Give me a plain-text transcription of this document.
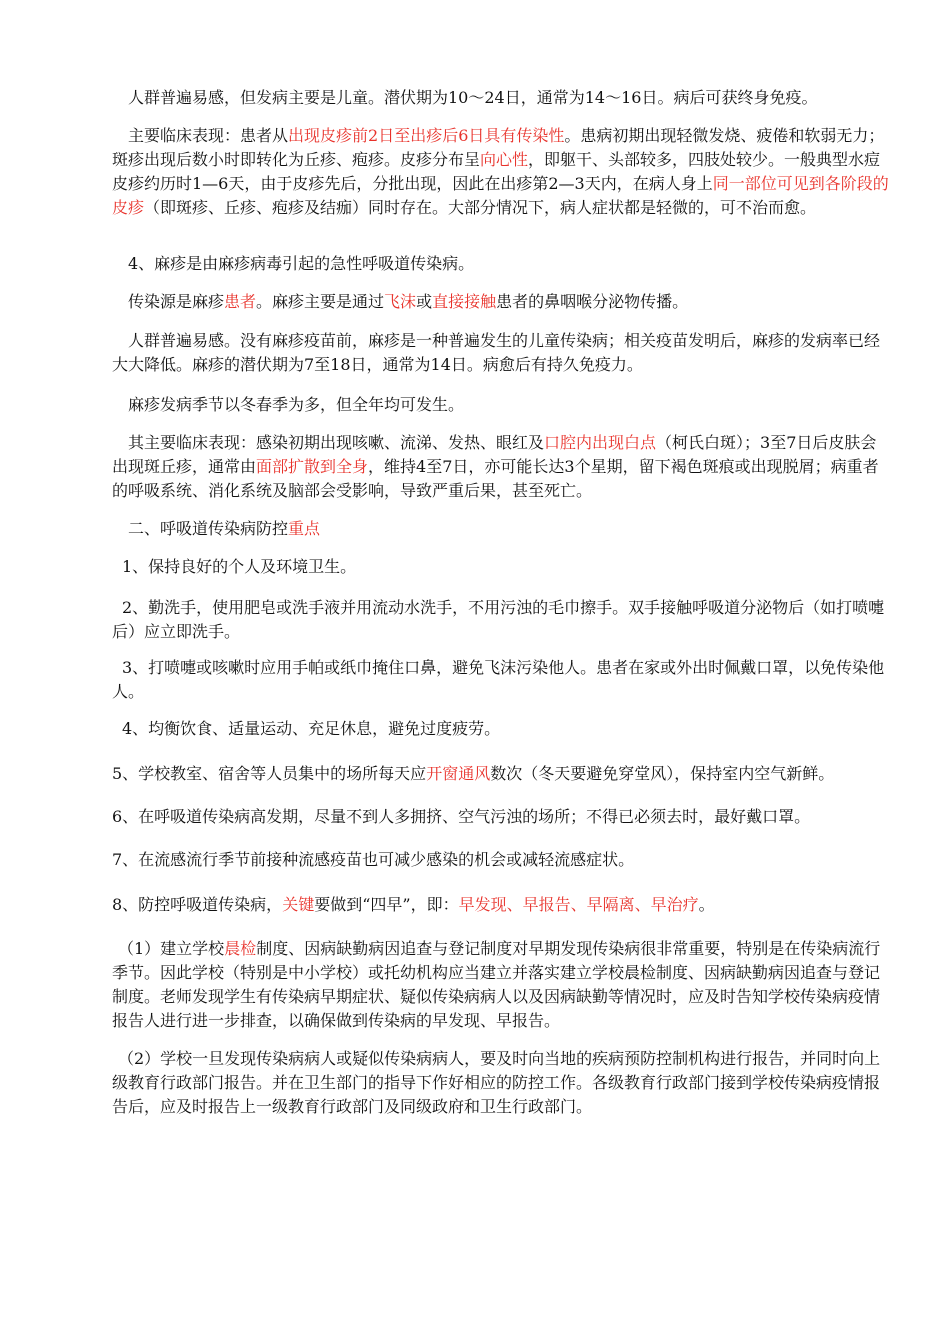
人群普遍易感，但发病主要是儿童。潜伏期为10～24日，通常为14～16日。病后可获终身免疫。

主要临床表现：患者从出现皮疹前2日至出疹后6日具有传染性。患病初期出现轻微发烧、疲倦和软弱无力；斑疹出现后数小时即转化为丘疹、疱疹。皮疹分布呈向心性，即躯干、头部较多，四肢处较少。一般典型水痘皮疹约历时1—6天，由于皮疹先后，分批出现，因此在出疹第2—3天内，在病人身上同一部位可见到各阶段的皮疹（即斑疹、丘疹、疱疹及结痂）同时存在。大部分情况下，病人症状都是轻微的，可不治而愈。

4、麻疹是由麻疹病毒引起的急性呼吸道传染病。

传染源是麻疹患者。麻疹主要是通过飞沫或直接接触患者的鼻咽喉分泌物传播。

人群普遍易感。没有麻疹疫苗前，麻疹是一种普遍发生的儿童传染病；相关疫苗发明后，麻疹的发病率已经大大降低。麻疹的潜伏期为7至18日，通常为14日。病愈后有持久免疫力。

麻疹发病季节以冬春季为多，但全年均可发生。

其主要临床表现：感染初期出现咳嗽、流涕、发热、眼红及口腔内出现白点（柯氏白斑）；3至7日后皮肤会出现斑丘疹，通常由面部扩散到全身，维持4至7日，亦可能长达3个星期，留下褐色斑痕或出现脱屑；病重者的呼吸系统、消化系统及脑部会受影响，导致严重后果，甚至死亡。

二、呼吸道传染病防控重点

1、保持良好的个人及环境卫生。

2、勤洗手，使用肥皂或洗手液并用流动水洗手，不用污浊的毛巾擦手。双手接触呼吸道分泌物后（如打喷嚏后）应立即洗手。

3、打喷嚏或咳嗽时应用手帕或纸巾掩住口鼻，避免飞沫污染他人。患者在家或外出时佩戴口罩，以免传染他人。

4、均衡饮食、适量运动、充足休息，避免过度疲劳。

5、学校教室、宿舍等人员集中的场所每天应开窗通风数次（冬天要避免穿堂风），保持室内空气新鲜。

6、在呼吸道传染病高发期，尽量不到人多拥挤、空气污浊的场所；不得已必须去时，最好戴口罩。

7、在流感流行季节前接种流感疫苗也可减少感染的机会或减轻流感症状。

8、防控呼吸道传染病，关键要做到“四早”，即：早发现、早报告、早隔离、早治疗。

（1）建立学校晨检制度、因病缺勤病因追查与登记制度对早期发现传染病很非常重要，特别是在传染病流行季节。因此学校（特别是中小学校）或托幼机构应当建立并落实建立学校晨检制度、因病缺勤病因追查与登记制度。老师发现学生有传染病早期症状、疑似传染病病人以及因病缺勤等情况时，应及时告知学校传染病疫情报告人进行进一步排查，以确保做到传染病的早发现、早报告。

（2）学校一旦发现传染病病人或疑似传染病病人，要及时向当地的疾病预防控制机构进行报告，并同时向上级教育行政部门报告。并在卫生部门的指导下作好相应的防控工作。各级教育行政部门接到学校传染病疫情报告后，应及时报告上一级教育行政部门及同级政府和卫生行政部门。
